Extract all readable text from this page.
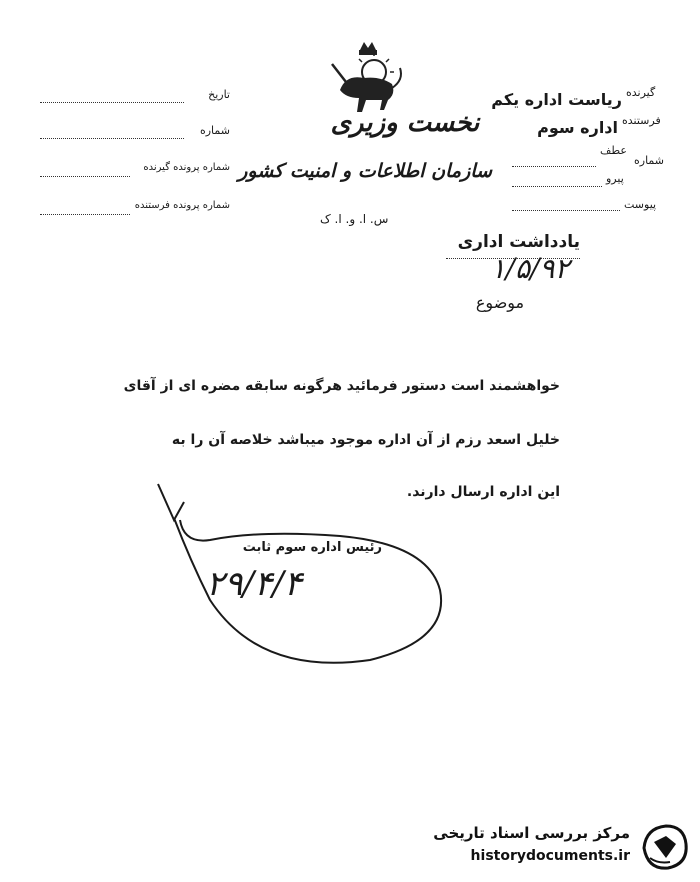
تاریخ
شماره
شماره پرونده گیرنده
شماره پرونده فرستنده
نخست وزیری
سازمان اطلاعات و امنیت کشور
س. ا. و. ا. ک
گیرنده
ریاست اداره یکم
فرستنده
اداره سوم
عطف
شماره
پیرو
پیوست
یادداشت اداری
۱/۵/۹۲
موضوع
خواهشمند است دستور فرمائید هرگونه سابقه مضره ای از آقای
خلیل اسعد رزم از آن اداره موجود میباشد خلاصه آن را به
این اداره ارسال دارند.
رئیس اداره سوم ثابت
۲۹/۴/۴
مرکز بررسی اسناد تاریخی
historydocuments.ir
